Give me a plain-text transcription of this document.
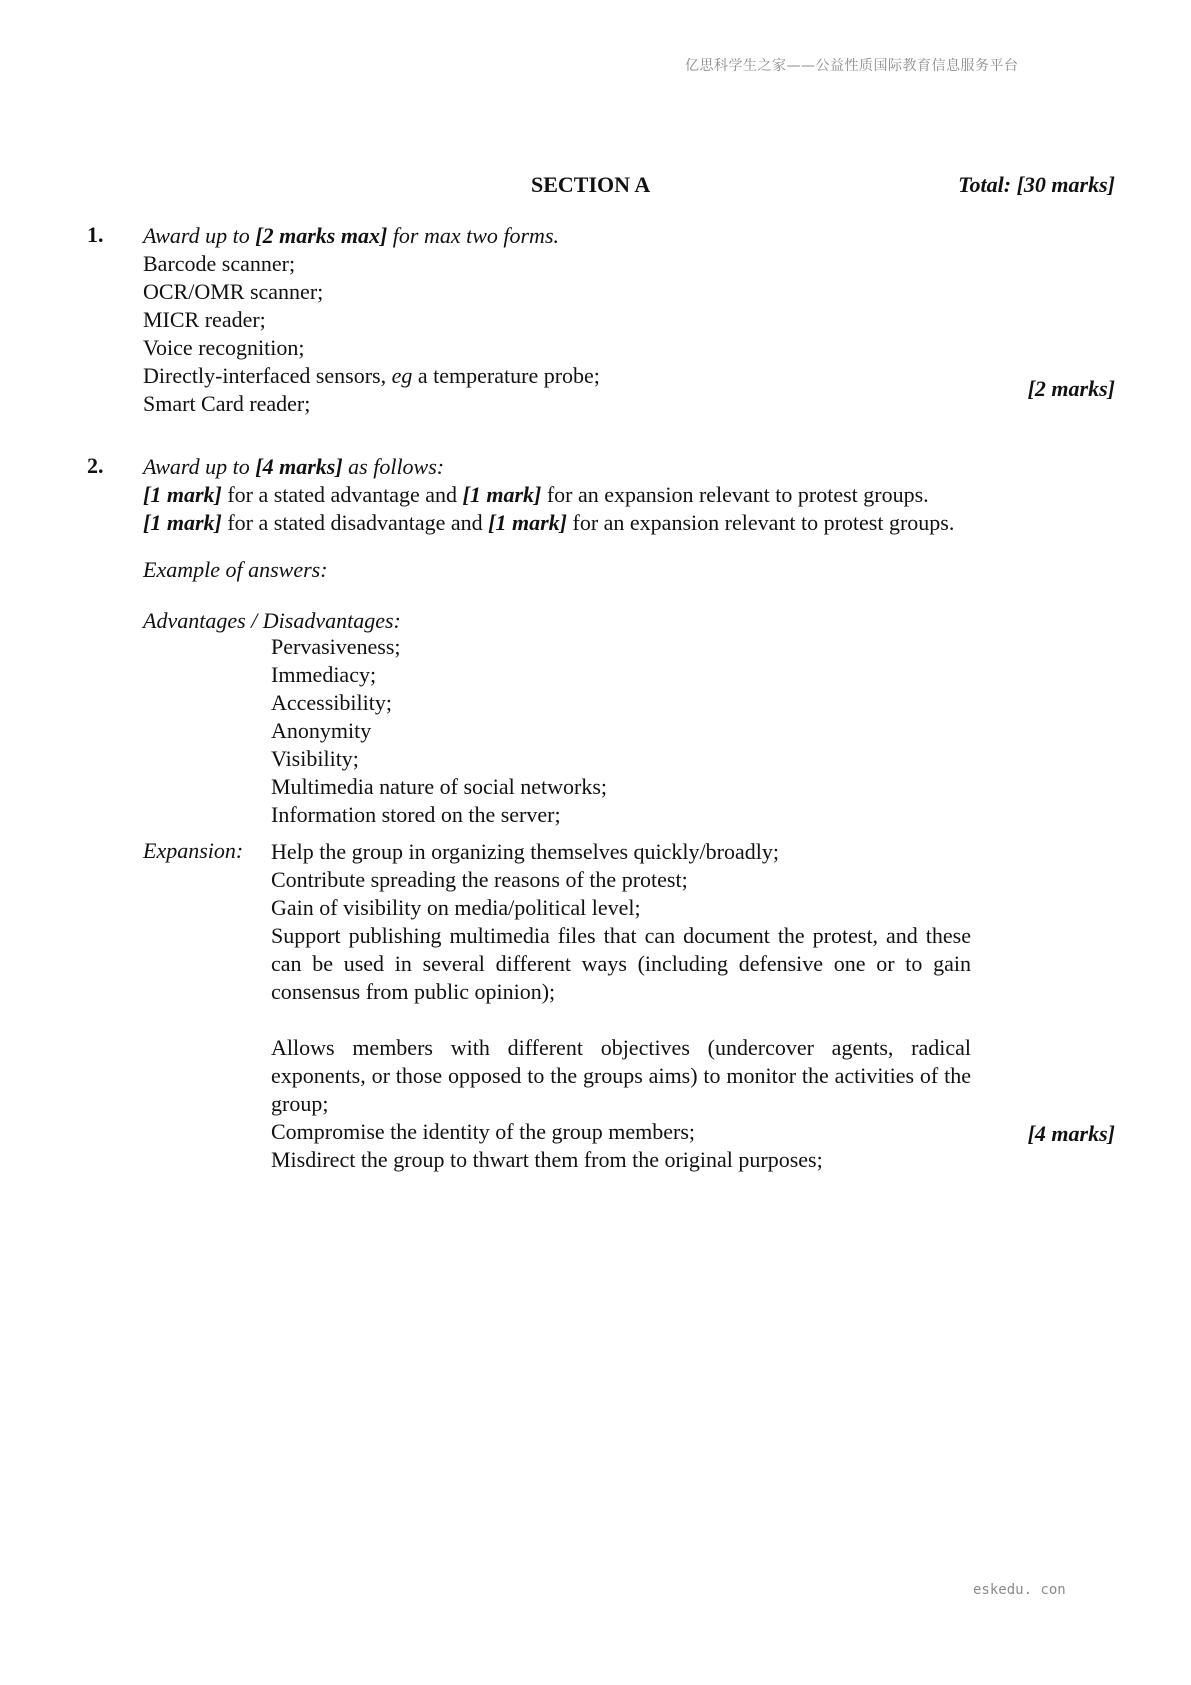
亿思科学生之家——公益性质国际教育信息服务平台
eskedu. con
SECTION A	Total: [30 marks]
1. Award up to [2 marks max] for max two forms.
Barcode scanner;
OCR/OMR scanner;
MICR reader;
Voice recognition;
Directly-interfaced sensors, eg a temperature probe;
Smart Card reader;
[2 marks]
2. Award up to [4 marks] as follows:
[1 mark] for a stated advantage and [1 mark] for an expansion relevant to protest groups.
[1 mark] for a stated disadvantage and [1 mark] for an expansion relevant to protest groups.
Example of answers:
Advantages / Disadvantages:
Pervasiveness;
Immediacy;
Accessibility;
Anonymity
Visibility;
Multimedia nature of social networks;
Information stored on the server;
Expansion: Help the group in organizing themselves quickly/broadly;
Contribute spreading the reasons of the protest;
Gain of visibility on media/political level;
Support publishing multimedia files that can document the protest, and these can be used in several different ways (including defensive one or to gain consensus from public opinion);
Allows members with different objectives (undercover agents, radical exponents, or those opposed to the groups aims) to monitor the activities of the group;
Compromise the identity of the group members;
Misdirect the group to thwart them from the original purposes;
[4 marks]
